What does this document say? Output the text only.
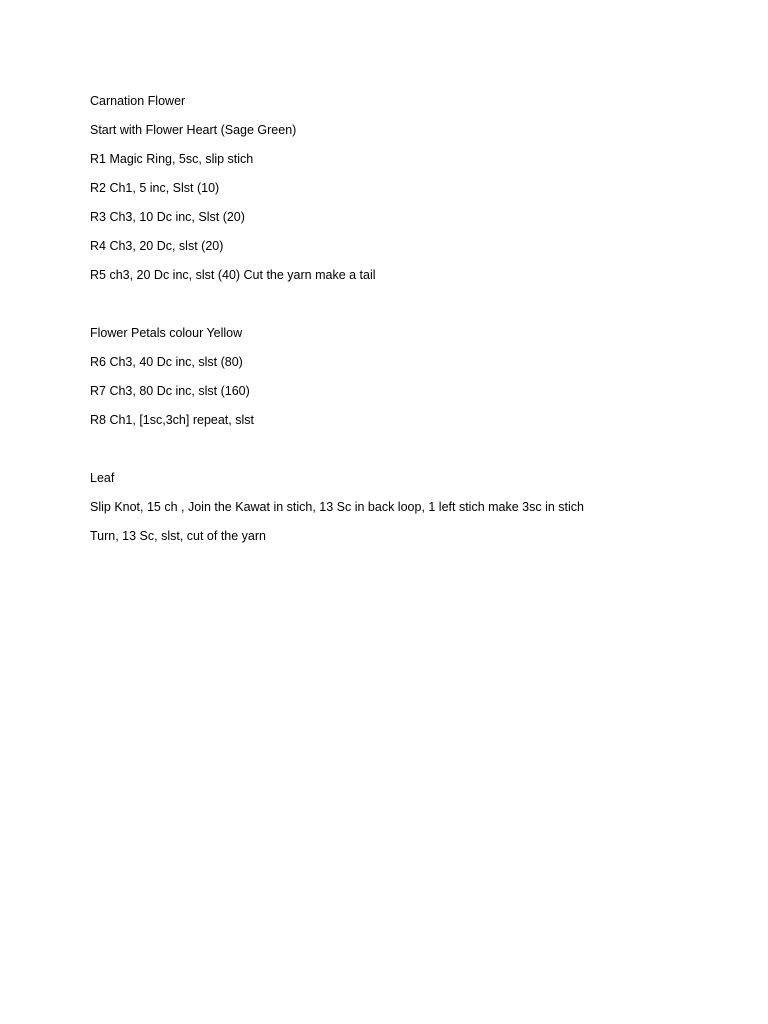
Carnation Flower
Start with Flower Heart (Sage Green)
R1 Magic Ring, 5sc, slip stich
R2 Ch1, 5 inc, Slst (10)
R3 Ch3, 10 Dc inc, Slst (20)
R4 Ch3, 20 Dc, slst (20)
R5 ch3, 20 Dc inc, slst (40) Cut the yarn make a tail
Flower Petals colour Yellow
R6 Ch3, 40 Dc inc, slst (80)
R7 Ch3, 80 Dc inc, slst (160)
R8 Ch1, [1sc,3ch] repeat, slst
Leaf
Slip Knot, 15 ch , Join the Kawat in stich, 13 Sc in back loop, 1 left stich make 3sc in stich
Turn, 13 Sc, slst, cut of the yarn
